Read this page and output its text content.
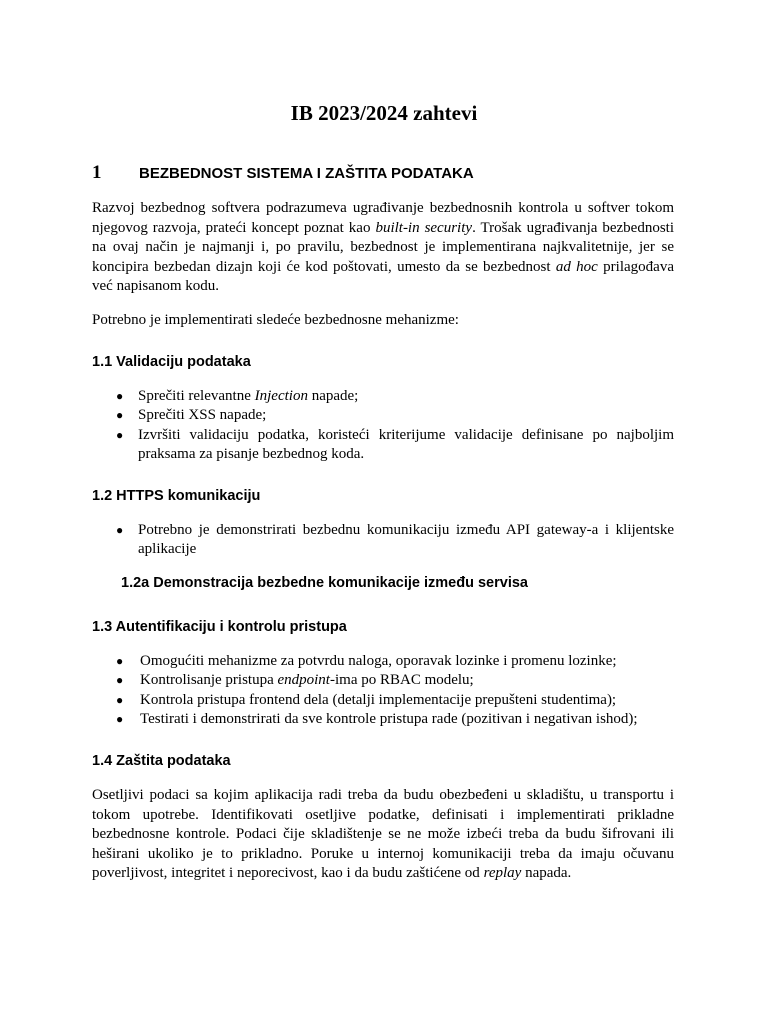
IB 2023/2024 zahtevi
1	BEZBEDNOST SISTEMA I ZAŠTITA PODATAKA
Razvoj bezbednog softvera podrazumeva ugrađivanje bezbednosnih kontrola u softver tokom njegovog razvoja, prateći koncept poznat kao built-in security. Trošak ugrađivanja bezbednosti na ovaj način je najmanji i, po pravilu, bezbednost je implementirana najkvalitetnije, jer se koncipira bezbedan dizajn koji će kod poštovati, umesto da se bezbednost ad hoc prilagođava već napisanom kodu.
Potrebno je implementirati sledeće bezbednosne mehanizme:
1.1 Validaciju podataka
● Sprečiti relevantne Injection napade;
● Sprečiti XSS napade;
● Izvršiti validaciju podatka, koristeći kriterijume validacije definisane po najboljim praksama za pisanje bezbednog koda.
1.2 HTTPS komunikaciju
● Potrebno je demonstrirati bezbednu komunikaciju između API gateway-a i klijentske aplikacije
1.2a Demonstracija bezbedne komunikacije između servisa
1.3 Autentifikaciju i kontrolu pristupa
● Omogućiti mehanizme za potvrdu naloga, oporavak lozinke i promenu lozinke;
● Kontrolisanje pristupa endpoint-ima po RBAC modelu;
● Kontrola pristupa frontend dela (detalji implementacije prepušteni studentima);
● Testirati i demonstrirati da sve kontrole pristupa rade (pozitivan i negativan ishod);
1.4 Zaštita podataka
Osetljivi podaci sa kojim aplikacija radi treba da budu obezbeđeni u skladištu, u transportu i tokom upotrebe. Identifikovati osetljive podatke, definisati i implementirati prikladne bezbednosne kontrole. Podaci čije skladištenje se ne može izbeći treba da budu šifrovani ili heširani ukoliko je to prikladno. Poruke u internoj komunikaciji treba da imaju očuvanu poverljivost, integritet i neporecivost, kao i da budu zaštićene od replay napada.
